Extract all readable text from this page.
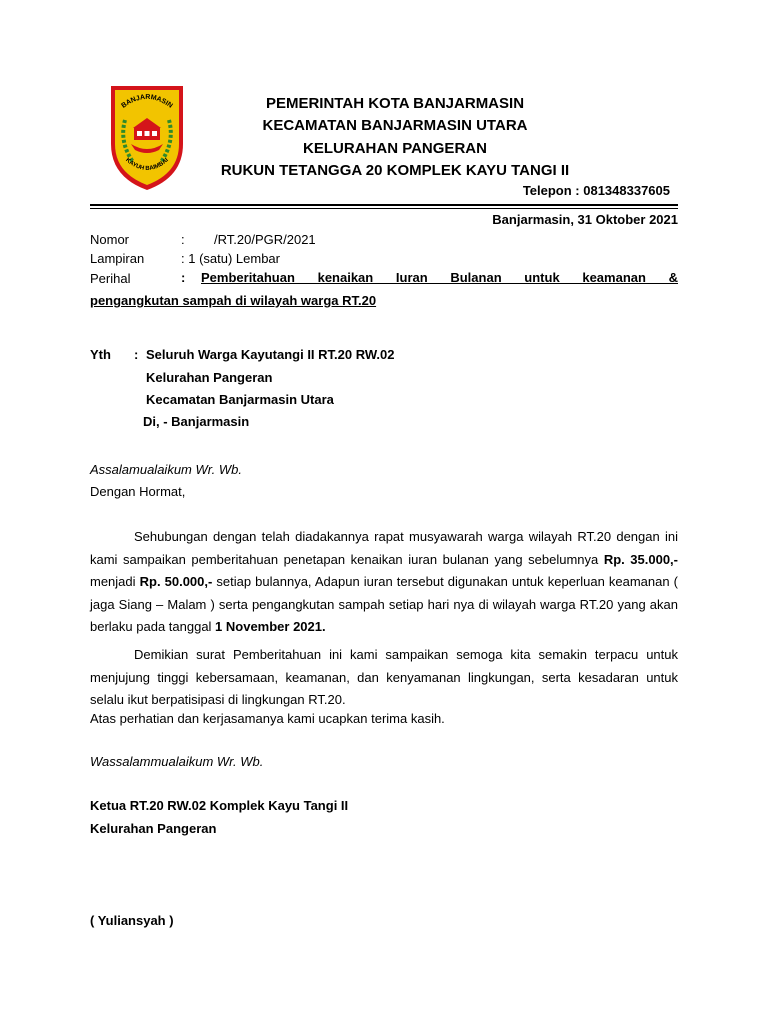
BANJARMASIN
KAYUH BAIMBAI
PEMERINTAH KOTA BANJARMASIN
KECAMATAN BANJARMASIN UTARA
KELURAHAN PANGERAN
RUKUN TETANGGA 20 KOMPLEK KAYU TANGI II
Telepon : 081348337605
Banjarmasin, 31 Oktober 2021
Nomor	: /RT.20/PGR/2021
Lampiran	: 1 (satu) Lembar
Perihal	: Pemberitahuan kenaikan Iuran Bulanan untuk keamanan &
pengangkutan sampah di wilayah warga RT.20
Yth : Seluruh Warga Kayutangi II RT.20 RW.02
Kelurahan Pangeran
Kecamatan Banjarmasin Utara
Di, - Banjarmasin
Assalamualaikum Wr. Wb.
Dengan Hormat,
Sehubungan dengan telah diadakannya rapat musyawarah warga wilayah RT.20 dengan ini kami sampaikan pemberitahuan penetapan kenaikan iuran bulanan yang sebelumnya Rp. 35.000,- menjadi Rp. 50.000,- setiap bulannya, Adapun iuran tersebut digunakan untuk keperluan keamanan ( jaga Siang – Malam ) serta pengangkutan sampah setiap hari nya di wilayah warga RT.20 yang akan berlaku pada tanggal 1 November 2021.
Demikian surat Pemberitahuan ini kami sampaikan semoga kita semakin terpacu untuk menjujung tinggi kebersamaan, keamanan, dan kenyamanan lingkungan, serta kesadaran untuk selalu ikut berpatisipasi di lingkungan RT.20.
Atas perhatian dan kerjasamanya kami ucapkan terima kasih.
Wassalammualaikum Wr. Wb.
Ketua RT.20 RW.02 Komplek Kayu Tangi II
Kelurahan Pangeran
( Yuliansyah )
